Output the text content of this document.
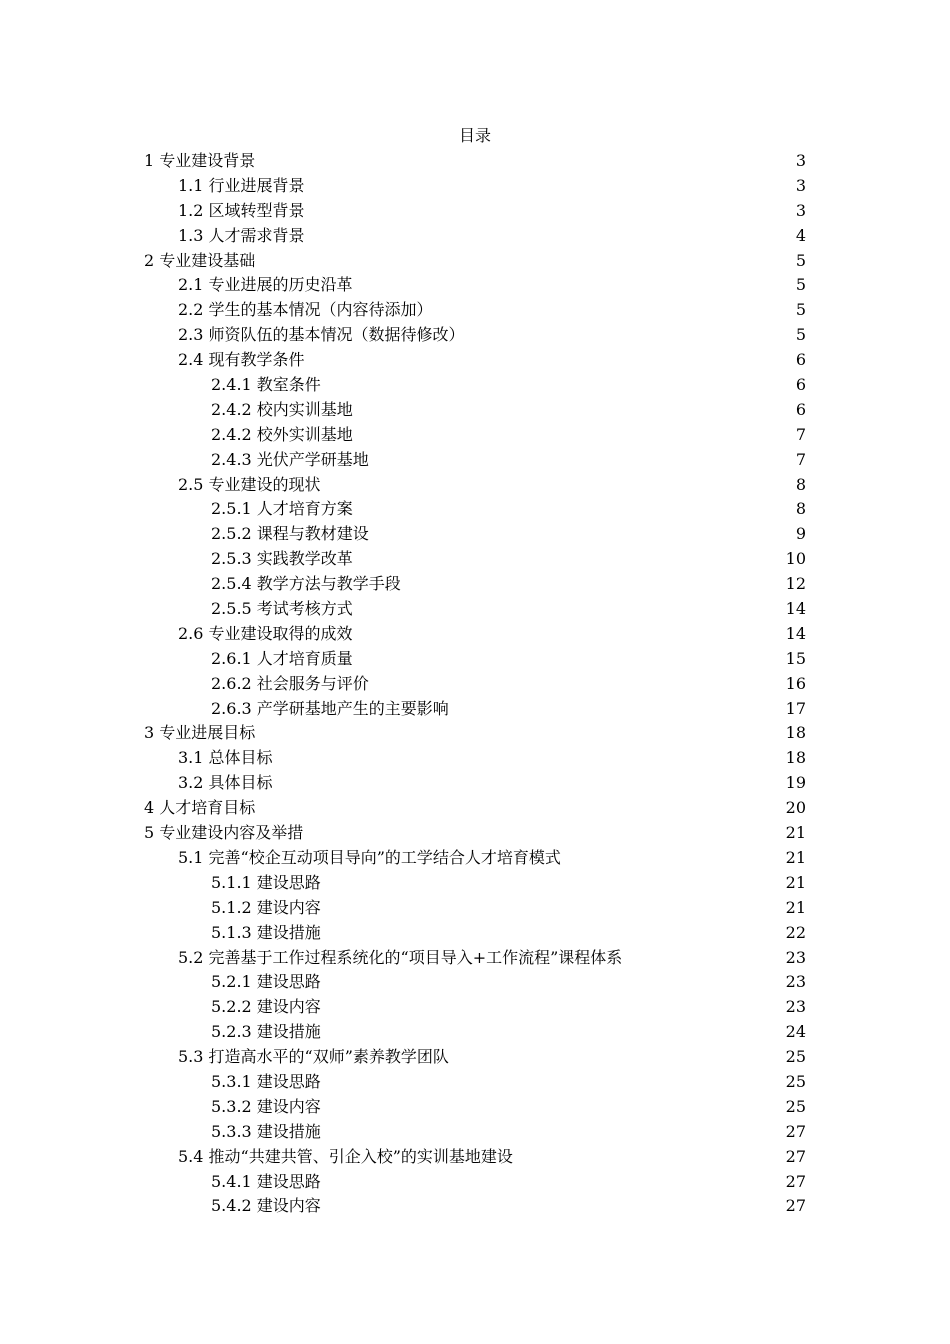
目录
1 专业建设背景	3
1.1 行业进展背景	3
1.2 区域转型背景	3
1.3 人才需求背景	4
2 专业建设基础	5
2.1 专业进展的历史沿革	5
2.2 学生的基本情况（内容待添加）	5
2.3 师资队伍的基本情况（数据待修改）	5
2.4 现有教学条件	6
2.4.1 教室条件	6
2.4.2 校内实训基地	6
2.4.2 校外实训基地	7
2.4.3 光伏产学研基地	7
2.5 专业建设的现状	8
2.5.1 人才培育方案	8
2.5.2 课程与教材建设	9
2.5.3 实践教学改革	10
2.5.4 教学方法与教学手段	12
2.5.5 考试考核方式	14
2.6 专业建设取得的成效	14
2.6.1 人才培育质量	15
2.6.2 社会服务与评价	16
2.6.3 产学研基地产生的主要影响	17
3 专业进展目标	18
3.1 总体目标	18
3.2 具体目标	19
4 人才培育目标	20
5 专业建设内容及举措	21
5.1 完善“校企互动项目导向”的工学结合人才培育模式	21
5.1.1 建设思路	21
5.1.2 建设内容	21
5.1.3 建设措施	22
5.2 完善基于工作过程系统化的“项目导入+工作流程”课程体系	23
5.2.1 建设思路	23
5.2.2 建设内容	23
5.2.3 建设措施	24
5.3 打造高水平的“双师”素养教学团队	25
5.3.1 建设思路	25
5.3.2 建设内容	25
5.3.3 建设措施	27
5.4 推动“共建共管、引企入校”的实训基地建设	27
5.4.1 建设思路	27
5.4.2 建设内容	27
